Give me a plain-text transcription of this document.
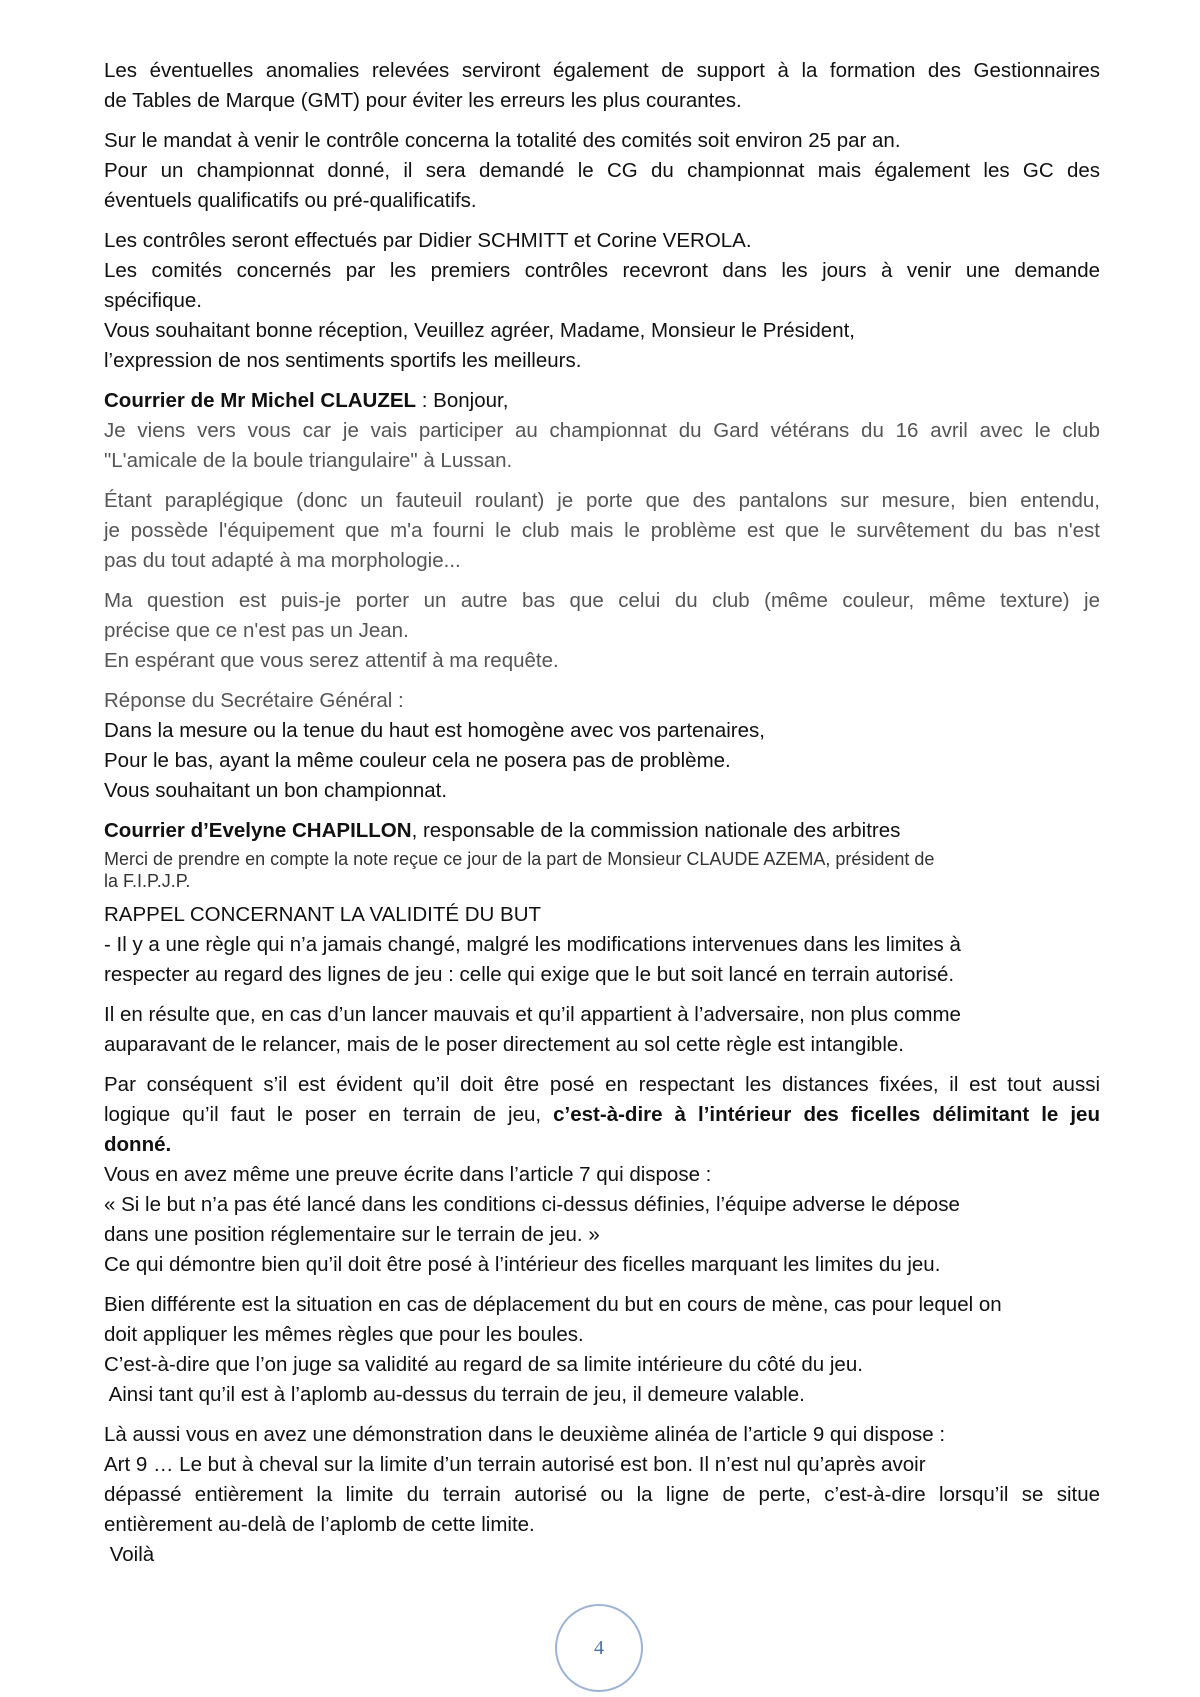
Les éventuelles anomalies relevées serviront également de support à la formation des Gestionnaires
de Tables de Marque (GMT) pour éviter les erreurs les plus courantes.

Sur le mandat à venir le contrôle concerna la totalité des comités soit environ 25 par an.
Pour un championnat donné, il sera demandé le CG du championnat mais également les GC des
éventuels qualificatifs ou pré-qualificatifs.

Les contrôles seront effectués par Didier SCHMITT et Corine VEROLA.
Les comités concernés par les premiers contrôles recevront dans les jours à venir une demande
spécifique.
Vous souhaitant bonne réception, Veuillez agréer, Madame, Monsieur le Président,
l’expression de nos sentiments sportifs les meilleurs.

Courrier de Mr Michel CLAUZEL : Bonjour,

Je viens vers vous car je vais participer au championnat du Gard vétérans du 16 avril avec le club
"L'amicale de la boule triangulaire" à Lussan.

Étant paraplégique (donc un fauteuil roulant) je porte que des pantalons sur mesure, bien entendu,
je possède l'équipement que m'a fourni le club mais le problème est que le survêtement du bas n'est
pas du tout adapté à ma morphologie...

Ma question est puis-je porter un autre bas que celui du club (même couleur, même texture) je
précise que ce n'est pas un Jean.
En espérant que vous serez attentif à ma requête.

Réponse du Secrétaire Général :

Dans la mesure ou la tenue du haut est homogène avec vos partenaires,
Pour le bas, ayant la même couleur cela ne posera pas de problème.
Vous souhaitant un bon championnat.

Courrier d’Evelyne CHAPILLON, responsable de la commission nationale des arbitres
Merci de prendre en compte la note reçue ce jour de la part de Monsieur CLAUDE AZEMA, président de
la F.I.P.J.P.

RAPPEL CONCERNANT LA VALIDITÉ DU BUT
- Il y a une règle qui n’a jamais changé, malgré les modifications intervenues dans les limites à
respecter au regard des lignes de jeu : celle qui exige que le but soit lancé en terrain autorisé.

Il en résulte que, en cas d’un lancer mauvais et qu’il appartient à l’adversaire, non plus comme
auparavant de le relancer, mais de le poser directement au sol cette règle est intangible.

Par conséquent s’il est évident qu’il doit être posé en respectant les distances fixées, il est tout aussi
logique qu’il faut le poser en terrain de jeu, c’est-à-dire à l’intérieur des ficelles délimitant le jeu
donné.
Vous en avez même une preuve écrite dans l’article 7 qui dispose :
« Si le but n’a pas été lancé dans les conditions ci-dessus définies, l’équipe adverse le dépose
dans une position réglementaire sur le terrain de jeu. »
Ce qui démontre bien qu’il doit être posé à l’intérieur des ficelles marquant les limites du jeu.

Bien différente est la situation en cas de déplacement du but en cours de mène, cas pour lequel on
doit appliquer les mêmes règles que pour les boules.
C’est-à-dire que l’on juge sa validité au regard de sa limite intérieure du côté du jeu.
Ainsi tant qu’il est à l’aplomb au-dessus du terrain de jeu, il demeure valable.

Là aussi vous en avez une démonstration dans le deuxième alinéa de l’article 9 qui dispose :
Art 9 … Le but à cheval sur la limite d’un terrain autorisé est bon. Il n’est nul qu’après avoir
dépassé entièrement la limite du terrain autorisé ou la ligne de perte, c’est-à-dire lorsqu’il se situe
entièrement au-delà de l’aplomb de cette limite.
Voilà

4
